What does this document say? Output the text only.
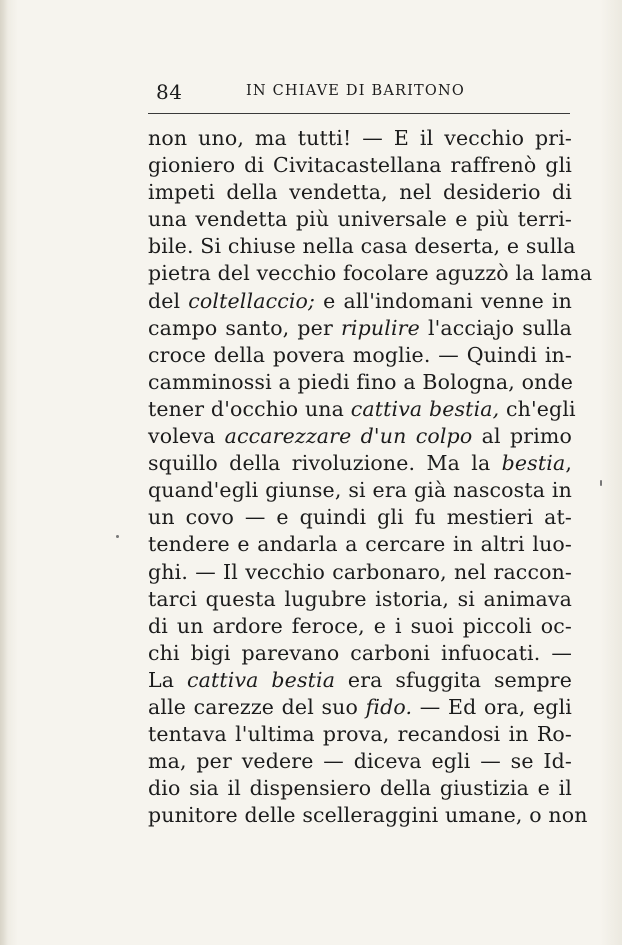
84	IN CHIAVE DI BARITONO
non uno, ma tutti! — E il vecchio pri-
gioniero di Civitacastellana raffrenò gli
impeti della vendetta, nel desiderio di
una vendetta più universale e più terri-
bile. Si chiuse nella casa deserta, e sulla
pietra del vecchio focolare aguzzò la lama
del coltellaccio; e all'indomani venne in
campo santo, per ripulire l'acciajo sulla
croce della povera moglie. — Quindi in-
camminossi a piedi fino a Bologna, onde
tener d'occhio una cattiva bestia, ch'egli
voleva accarezzare d'un colpo al primo
squillo della rivoluzione. Ma la bestia,
quand'egli giunse, si era già nascosta in
un covo — e quindi gli fu mestieri at-
tendere e andarla a cercare in altri luo-
ghi. — Il vecchio carbonaro, nel raccon-
tarci questa lugubre istoria, si animava
di un ardore feroce, e i suoi piccoli oc-
chi bigi parevano carboni infuocati. —
La cattiva bestia era sfuggita sempre
alle carezze del suo fido. — Ed ora, egli
tentava l'ultima prova, recandosi in Ro-
ma, per vedere — diceva egli — se Id-
dio sia il dispensiero della giustizia e il
punitore delle scelleraggini umane, o non
